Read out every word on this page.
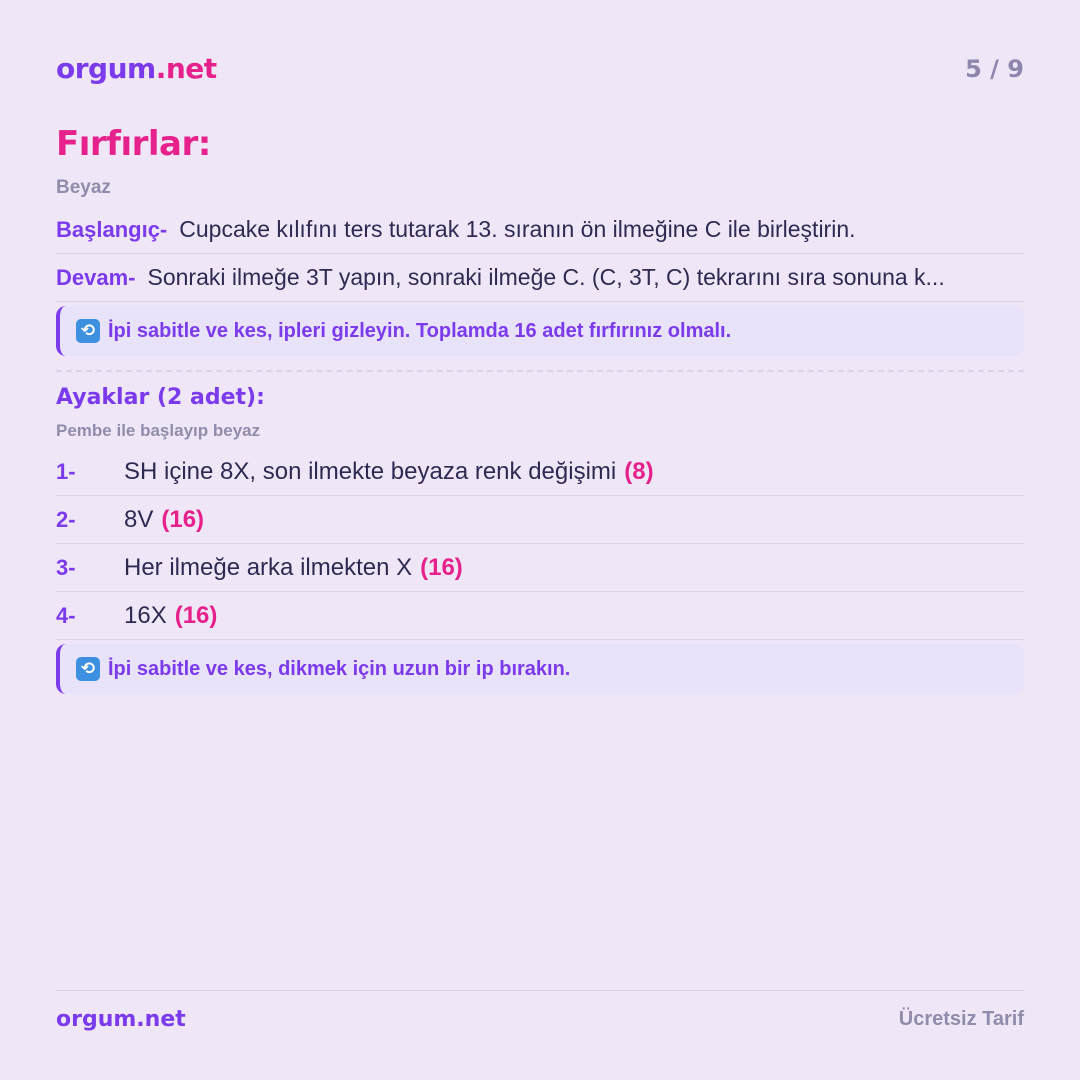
orgum.net	5 / 9
Fırfırlar:
Beyaz
Başlangıç- Cupcake kılıfını ters tutarak 13. sıranın ön ilmeğine C ile birleştirin.
Devam- Sonraki ilmeğe 3T yapın, sonraki ilmeğe C. (C, 3T, C) tekrarını sıra sonuna k...
⟲ İpi sabitle ve kes, ipleri gizleyin. Toplamda 16 adet fırfırınız olmalı.
Ayaklar (2 adet):
Pembe ile başlayıp beyaz
1-	SH içine 8X, son ilmekte beyaza renk değişimi (8)
2-	8V (16)
3-	Her ilmeğe arka ilmekten X (16)
4-	16X (16)
⟲ İpi sabitle ve kes, dikmek için uzun bir ip bırakın.
orgum.net	Ücretsiz Tarif
